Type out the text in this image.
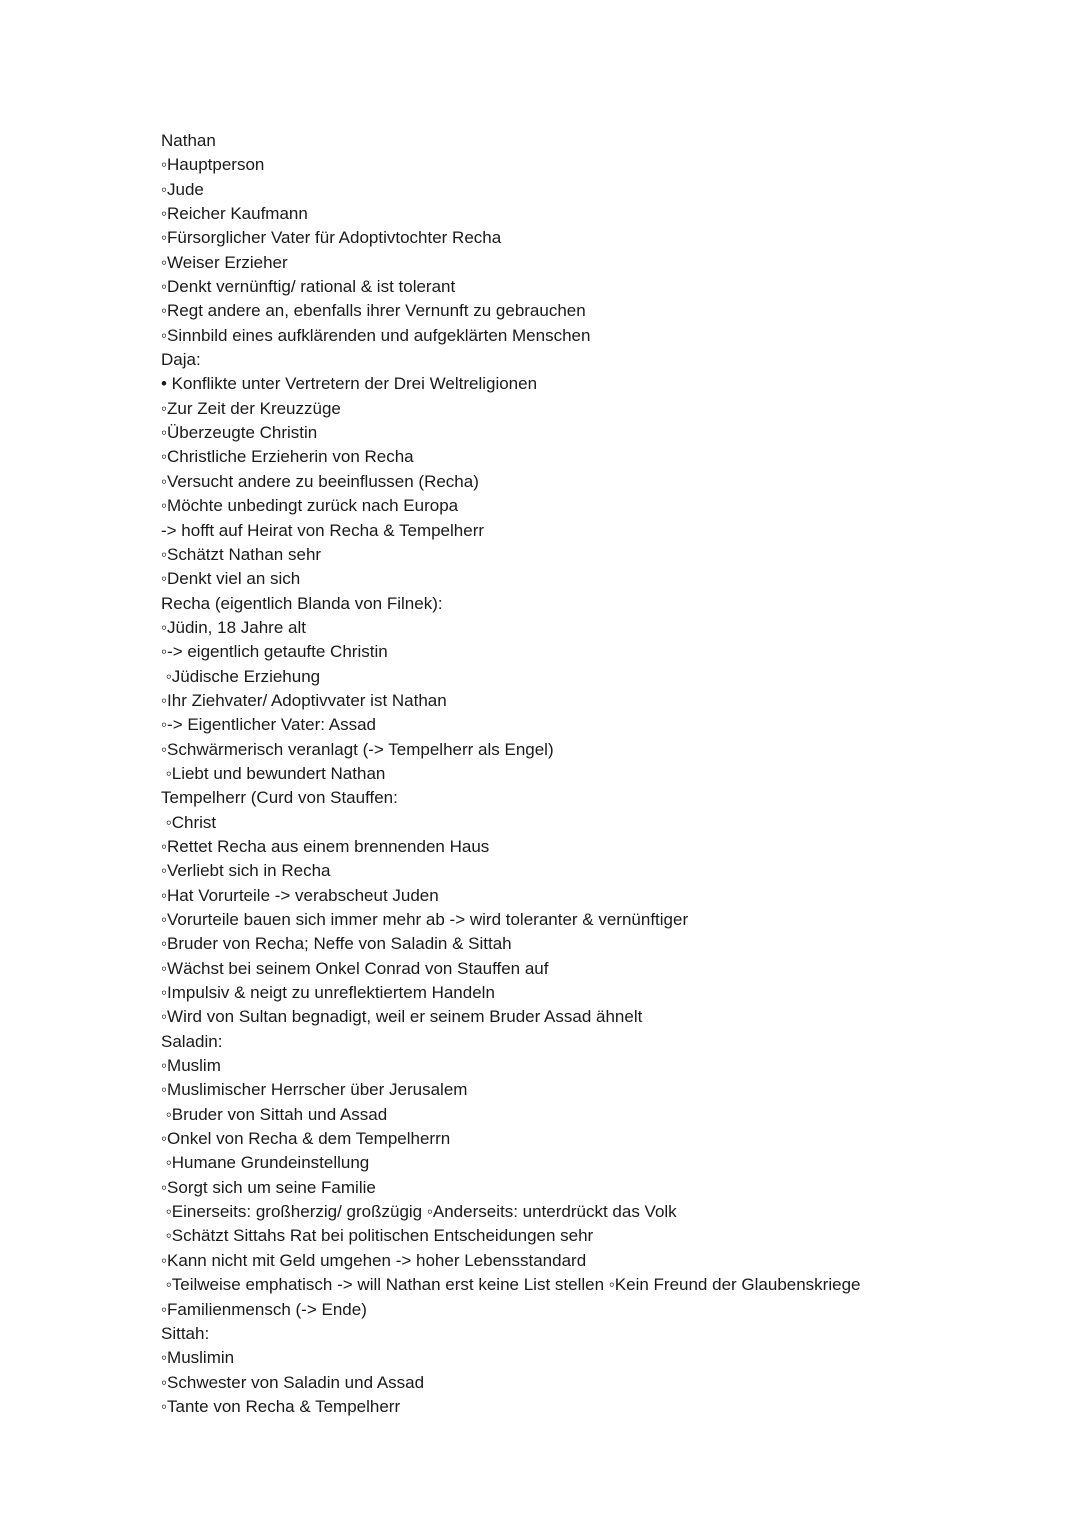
Nathan
◦Hauptperson
◦Jude
◦Reicher Kaufmann
◦Fürsorglicher Vater für Adoptivtochter Recha
◦Weiser Erzieher
◦Denkt vernünftig/ rational & ist tolerant
◦Regt andere an, ebenfalls ihrer Vernunft zu gebrauchen
◦Sinnbild eines aufklärenden und aufgeklärten Menschen
Daja:
• Konflikte unter Vertretern der Drei Weltreligionen
◦Zur Zeit der Kreuzzüge
◦Überzeugte Christin
◦Christliche Erzieherin von Recha
◦Versucht andere zu beeinflussen (Recha)
◦Möchte unbedingt zurück nach Europa
-> hofft auf Heirat von Recha & Tempelherr
◦Schätzt Nathan sehr
◦Denkt viel an sich
Recha (eigentlich Blanda von Filnek):
◦Jüdin, 18 Jahre alt
◦-> eigentlich getaufte Christin
◦Jüdische Erziehung
◦Ihr Ziehvater/ Adoptivvater ist Nathan
◦-> Eigentlicher Vater: Assad
◦Schwärmerisch veranlagt (-> Tempelherr als Engel)
◦Liebt und bewundert Nathan
Tempelherr (Curd von Stauffen:
◦Christ
◦Rettet Recha aus einem brennenden Haus
◦Verliebt sich in Recha
◦Hat Vorurteile -> verabscheut Juden
◦Vorurteile bauen sich immer mehr ab -> wird toleranter & vernünftiger
◦Bruder von Recha; Neffe von Saladin & Sittah
◦Wächst bei seinem Onkel Conrad von Stauffen auf
◦Impulsiv & neigt zu unreflektiertem Handeln
◦Wird von Sultan begnadigt, weil er seinem Bruder Assad ähnelt
Saladin:
◦Muslim
◦Muslimischer Herrscher über Jerusalem
◦Bruder von Sittah und Assad
◦Onkel von Recha & dem Tempelherrn
◦Humane Grundeinstellung
◦Sorgt sich um seine Familie
◦Einerseits: großherzig/ großzügig ◦Anderseits: unterdrückt das Volk
◦Schätzt Sittahs Rat bei politischen Entscheidungen sehr
◦Kann nicht mit Geld umgehen -> hoher Lebensstandard
◦Teilweise emphatisch -> will Nathan erst keine List stellen ◦Kein Freund der Glaubenskriege
◦Familienmensch (-> Ende)
Sittah:
◦Muslimin
◦Schwester von Saladin und Assad
◦Tante von Recha & Tempelherr
